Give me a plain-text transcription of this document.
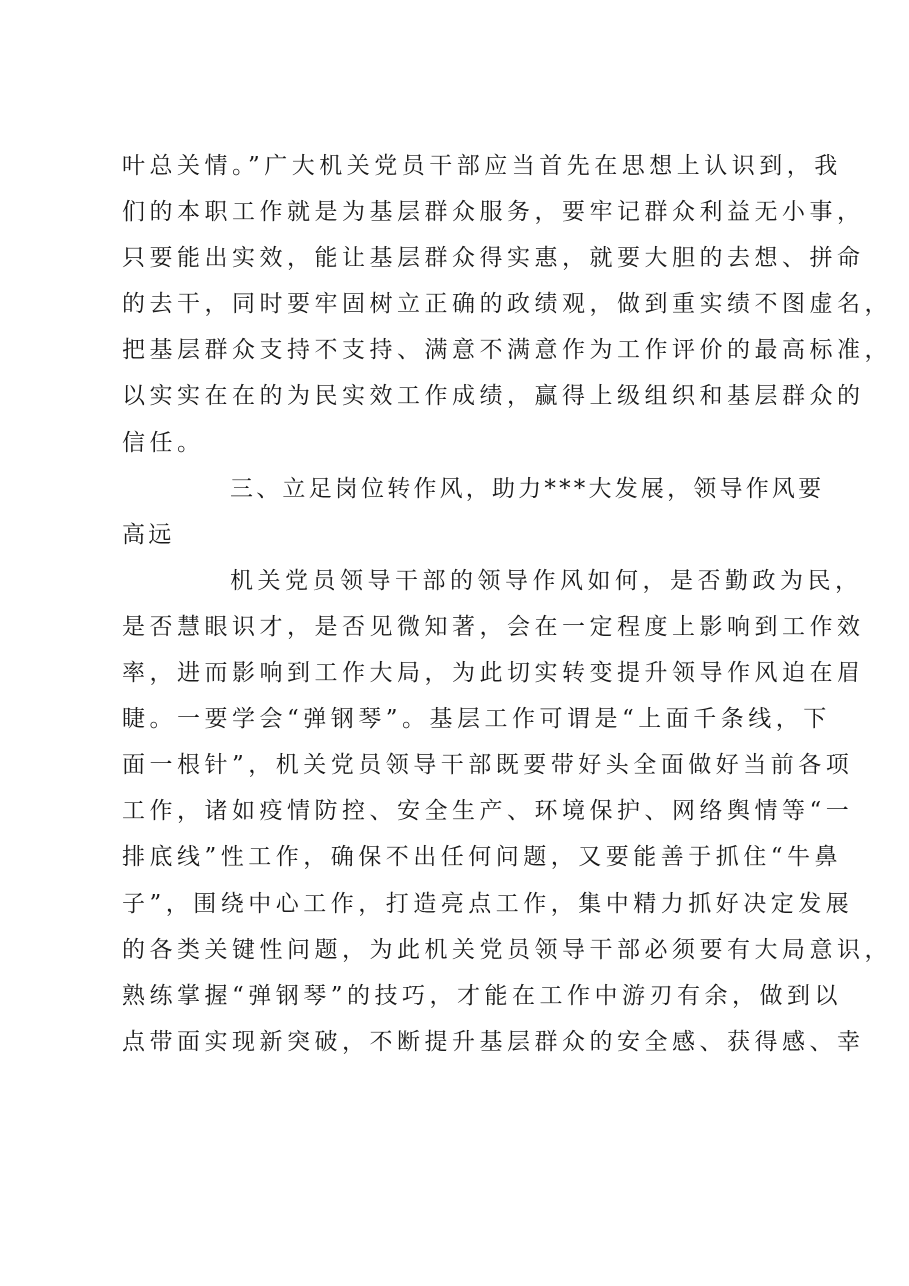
叶总关情。”广大机关党员干部应当首先在思想上认识到，我
们的本职工作就是为基层群众服务，要牢记群众利益无小事，
只要能出实效，能让基层群众得实惠，就要大胆的去想、拼命
的去干，同时要牢固树立正确的政绩观，做到重实绩不图虚名，
把基层群众支持不支持、满意不满意作为工作评价的最高标准，
以实实在在的为民实效工作成绩，赢得上级组织和基层群众的
信任。
三、立足岗位转作风，助力***大发展，领导作风要
高远
机关党员领导干部的领导作风如何，是否勤政为民，
是否慧眼识才，是否见微知著，会在一定程度上影响到工作效
率，进而影响到工作大局，为此切实转变提升领导作风迫在眉
睫。一要学会“弹钢琴”。基层工作可谓是“上面千条线，下
面一根针”，机关党员领导干部既要带好头全面做好当前各项
工作，诸如疫情防控、安全生产、环境保护、网络舆情等“一
排底线”性工作，确保不出任何问题，又要能善于抓住“牛鼻
子”，围绕中心工作，打造亮点工作，集中精力抓好决定发展
的各类关键性问题，为此机关党员领导干部必须要有大局意识，
熟练掌握“弹钢琴”的技巧，才能在工作中游刃有余，做到以
点带面实现新突破，不断提升基层群众的安全感、获得感、幸
